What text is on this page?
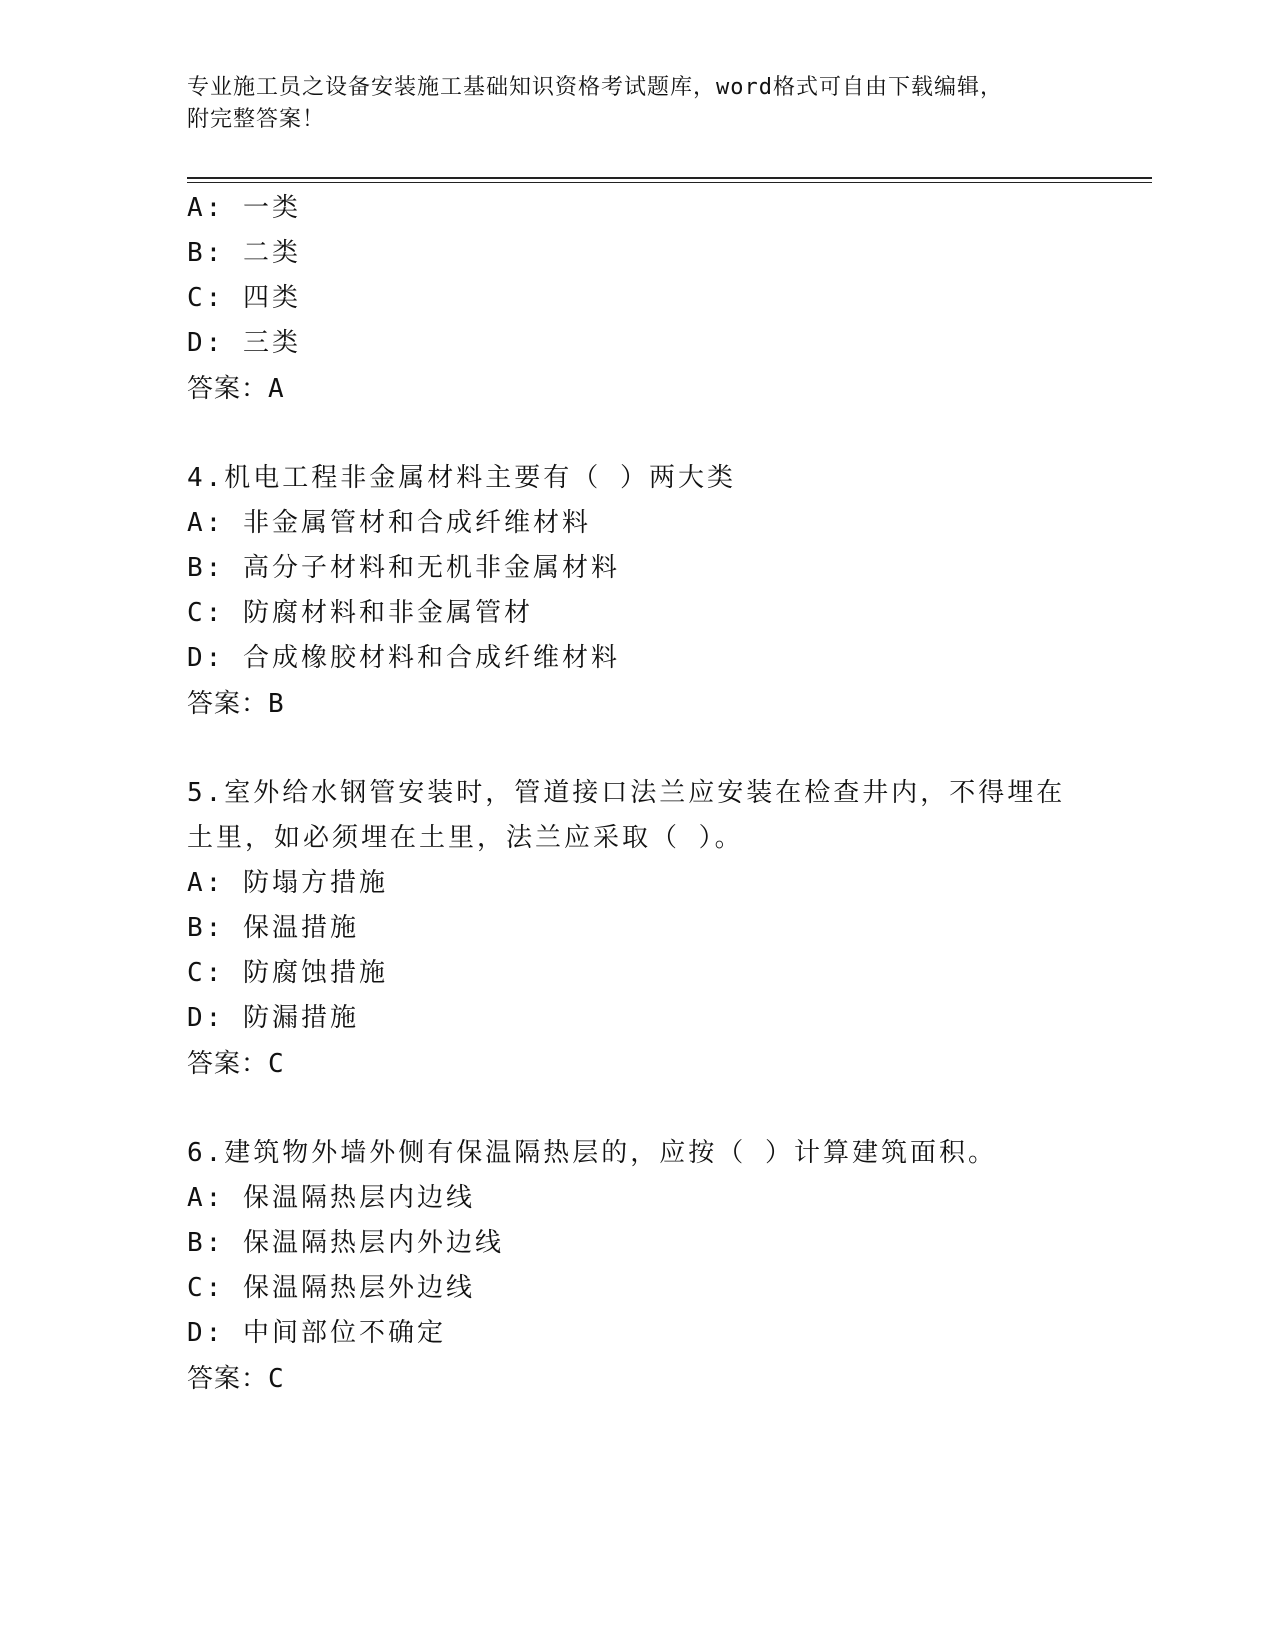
专业施工员之设备安装施工基础知识资格考试题库，word格式可自由下载编辑，
附完整答案！
A: 一类
B: 二类
C: 四类
D: 三类
答案：A
4.机电工程非金属材料主要有（ ）两大类
A: 非金属管材和合成纤维材料
B: 高分子材料和无机非金属材料
C: 防腐材料和非金属管材
D: 合成橡胶材料和合成纤维材料
答案：B
5.室外给水钢管安装时，管道接口法兰应安装在检查井内，不得埋在
土里，如必须埋在土里，法兰应采取（ ）。
A: 防塌方措施
B: 保温措施
C: 防腐蚀措施
D: 防漏措施
答案：C
6.建筑物外墙外侧有保温隔热层的，应按（ ）计算建筑面积。
A: 保温隔热层内边线
B: 保温隔热层内外边线
C: 保温隔热层外边线
D: 中间部位不确定
答案：C
